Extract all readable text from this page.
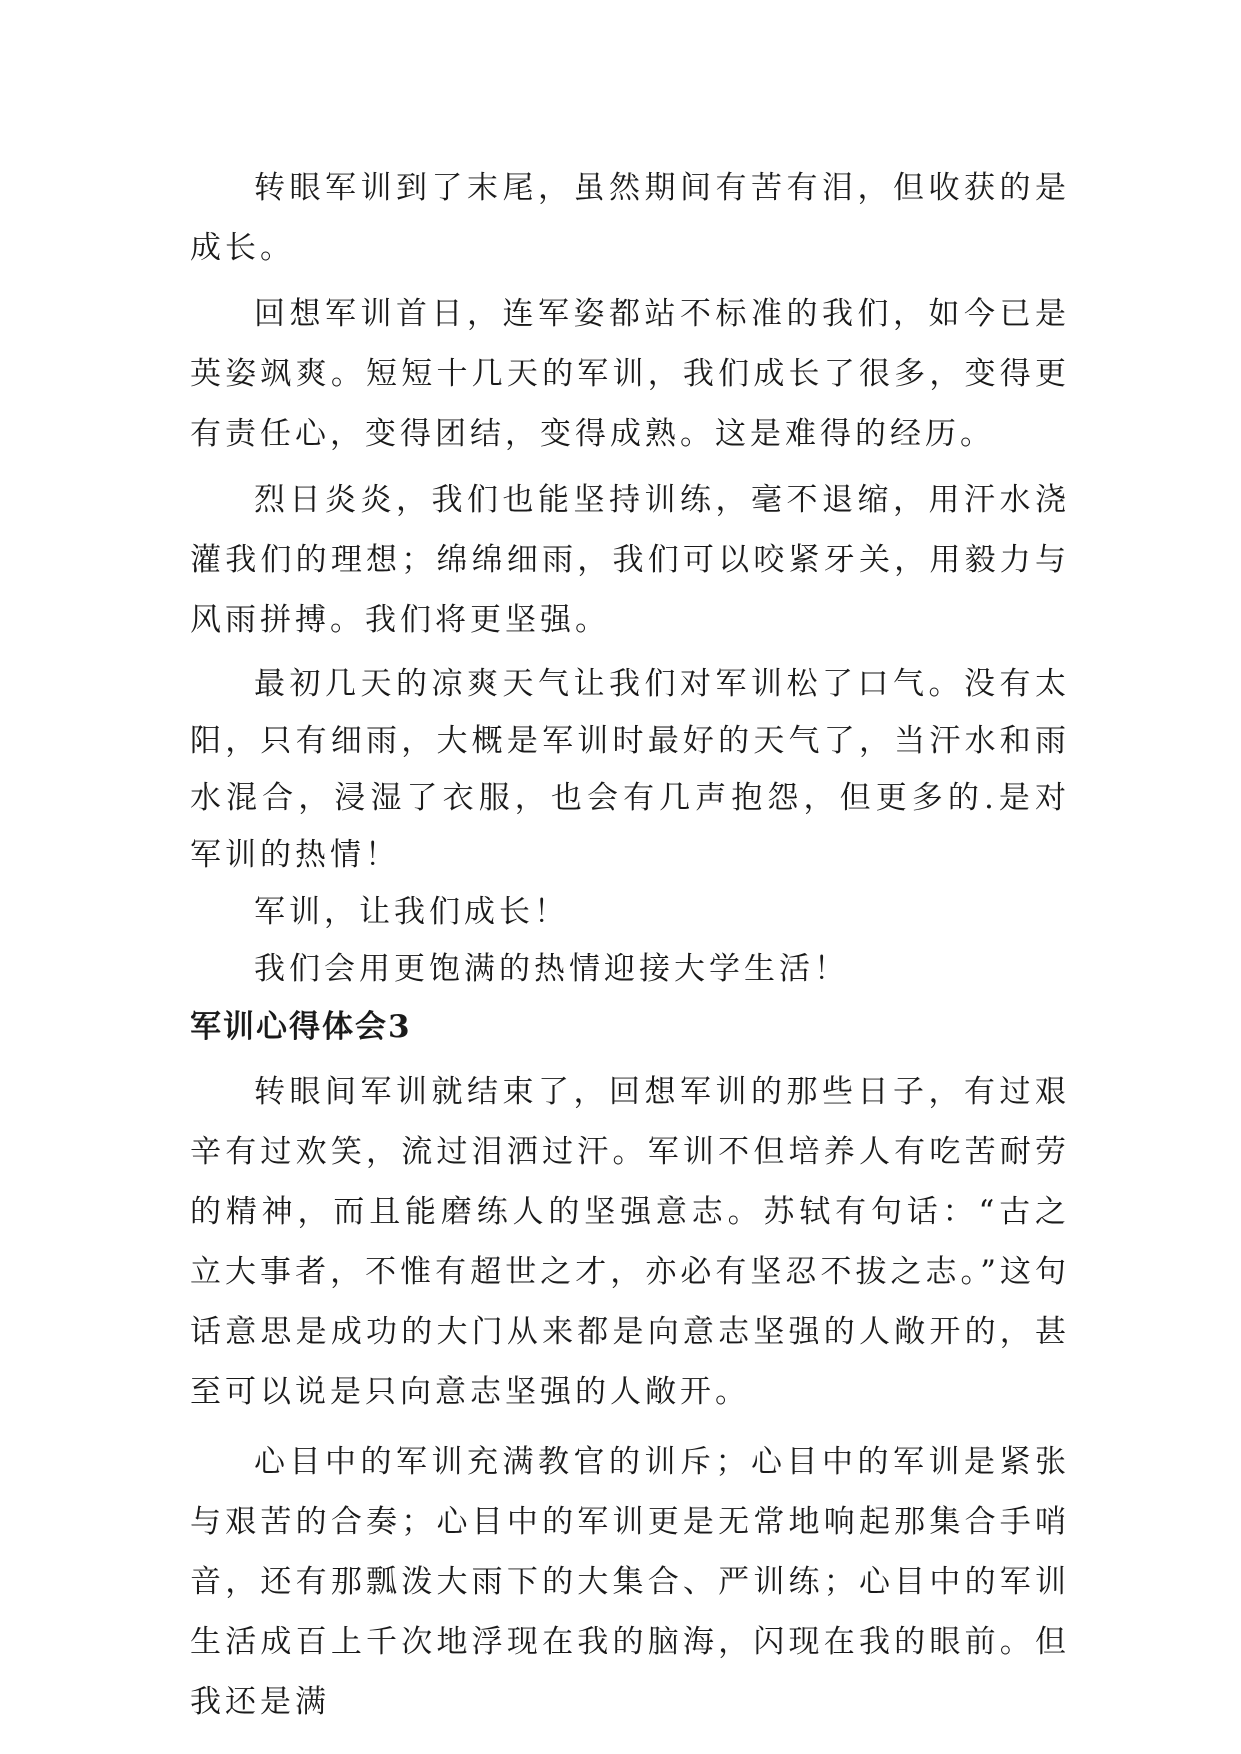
转眼军训到了末尾，虽然期间有苦有泪，但收获的是成长。

回想军训首日，连军姿都站不标准的我们，如今已是英姿飒爽。短短十几天的军训，我们成长了很多，变得更有责任心，变得团结，变得成熟。这是难得的经历。

烈日炎炎，我们也能坚持训练，毫不退缩，用汗水浇灌我们的理想；绵绵细雨，我们可以咬紧牙关，用毅力与风雨拼搏。我们将更坚强。

最初几天的凉爽天气让我们对军训松了口气。没有太阳，只有细雨，大概是军训时最好的天气了，当汗水和雨水混合，浸湿了衣服，也会有几声抱怨，但更多的.是对军训的热情！

军训，让我们成长！

我们会用更饱满的热情迎接大学生活！

军训心得体会3

转眼间军训就结束了，回想军训的那些日子，有过艰辛有过欢笑，流过泪洒过汗。军训不但培养人有吃苦耐劳的精神，而且能磨练人的坚强意志。苏轼有句话：“古之立大事者，不惟有超世之才，亦必有坚忍不拔之志。”这句话意思是成功的大门从来都是向意志坚强的人敞开的，甚至可以说是只向意志坚强的人敞开。

心目中的军训充满教官的训斥；心目中的军训是紧张与艰苦的合奏；心目中的军训更是无常地响起那集合手哨音，还有那瓢泼大雨下的大集合、严训练；心目中的军训生活成百上千次地浮现在我的脑海，闪现在我的眼前。但我还是满
